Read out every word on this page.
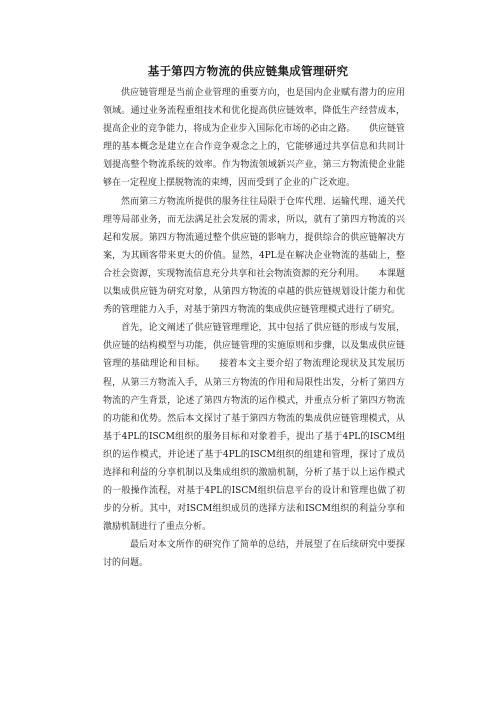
基于第四方物流的供应链集成管理研究

供应链管理是当前企业管理的重要方向，也是国内企业赋有潜力的应用领域。通过业务流程重组技术和优化提高供应链效率，降低生产经营成本，提高企业的竞争能力，将成为企业步入国际化市场的必由之路。　　供应链管理的基本概念是建立在合作竞争观念之上的，它能够通过共享信息和共同计划提高整个物流系统的效率。作为物流领域新兴产业，第三方物流使企业能够在一定程度上摆脱物流的束缚，因而受到了企业的广泛欢迎。

然而第三方物流所提供的服务往往局限于仓库代理、运输代理、通关代理等局部业务，而无法满足社会发展的需求，所以，就有了第四方物流的兴起和发展。第四方物流通过整个供应链的影响力，提供综合的供应链解决方案，为其顾客带来更大的价值。显然，4PL是在解决企业物流的基础上，整合社会资源，实现物流信息充分共享和社会物流资源的充分利用。　　本课题以集成供应链为研究对象，从第四方物流的卓越的供应链规划设计能力和优秀的管理能力入手，对基于第四方物流的集成供应链管理模式进行了研究。

首先，论文阐述了供应链管理理论，其中包括了供应链的形成与发展，供应链的结构模型与功能，供应链管理的实施原则和步骤，以及集成供应链管理的基础理论和目标。　　接着本文主要介绍了物流理论现状及其发展历程，从第三方物流入手，从第三方物流的作用和局限性出发，分析了第四方物流的产生背景，论述了第四方物流的运作模式，并重点分析了第四方物流的功能和优势。然后本文探讨了基于第四方物流的集成供应链管理模式，从基于4PL的ISCM组织的服务目标和对象着手，提出了基于4PL的ISCM组织的运作模式，并论述了基于4PL的ISCM组织的组建和管理，探讨了成员选择和利益的分享机制以及集成组织的激励机制，分析了基于以上运作模式的一般操作流程，对基于4PL的ISCM组织信息平台的设计和管理也做了初步的分析。其中，对ISCM组织成员的选择方法和ISCM组织的利益分享和激励机制进行了重点分析。

最后对本文所作的研究作了简单的总结，并展望了在后续研究中要探讨的问题。
